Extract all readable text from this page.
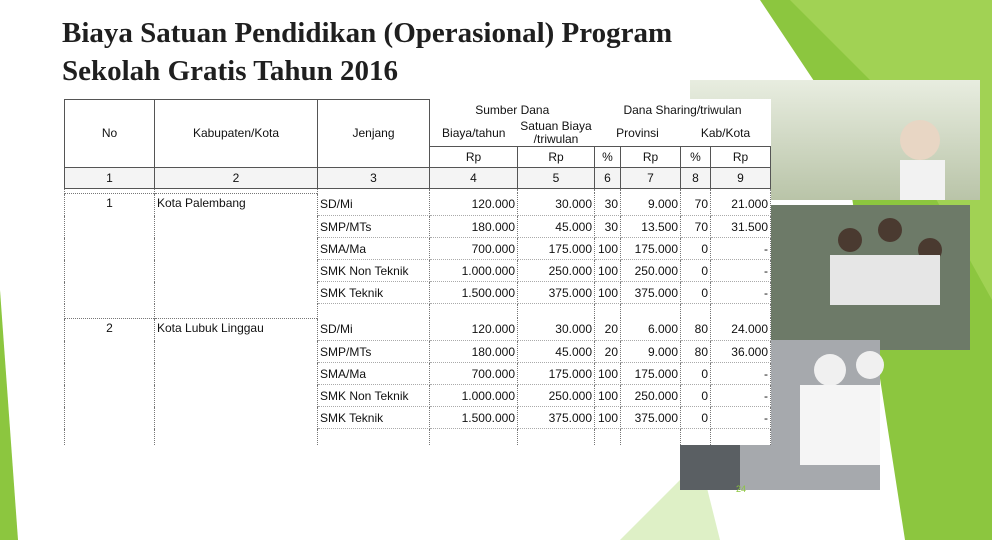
Biaya Satuan Pendidikan (Operasional) Program
Sekolah Gratis Tahun 2016
No	Kabupaten/Kota	Jenjang	Sumber Dana		Dana Sharing/triwulan			
			Biaya/tahun	Satuan Biaya /triwulan	Provinsi		Kab/Kota	
			Rp	Rp	%	Rp	%	Rp
1	2	3	4	5	6	7	8	9

1	Kota Palembang	SD/Mi	120.000	30.000	30	9.000	70	21.000
		SMP/MTs	180.000	45.000	30	13.500	70	31.500
		SMA/Ma	700.000	175.000	100	175.000	0	-
		SMK Non Teknik	1.000.000	250.000	100	250.000	0	-
		SMK Teknik	1.500.000	375.000	100	375.000	0	-

2	Kota Lubuk Linggau	SD/Mi	120.000	30.000	20	6.000	80	24.000
		SMP/MTs	180.000	45.000	20	9.000	80	36.000
		SMA/Ma	700.000	175.000	100	175.000	0	-
		SMK Non Teknik	1.000.000	250.000	100	250.000	0	-
		SMK Teknik	1.500.000	375.000	100	375.000	0	-

24
